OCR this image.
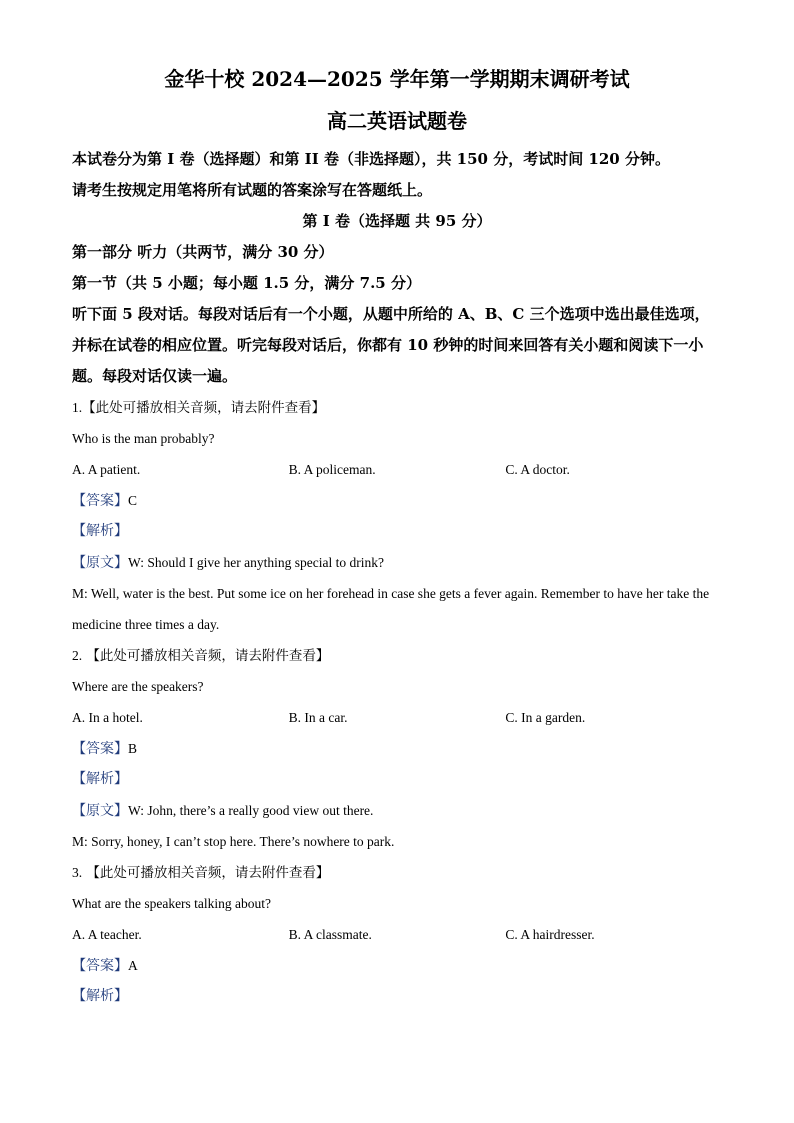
金华十校 2024—2025 学年第一学期期末调研考试
高二英语试题卷
本试卷分为第 I 卷（选择题）和第 II 卷（非选择题），共 150 分，考试时间 120 分钟。
请考生按规定用笔将所有试题的答案涂写在答题纸上。
第 I 卷（选择题 共 95 分）
第一部分 听力（共两节，满分 30 分）
第一节（共 5 小题；每小题 1.5 分，满分 7.5 分）
听下面 5 段对话。每段对话后有一个小题，从题中所给的 A、B、C 三个选项中选出最佳选项，并标在试卷的相应位置。听完每段对话后，你都有 10 秒钟的时间来回答有关小题和阅读下一小题。每段对话仅读一遍。
1.【此处可播放相关音频，请去附件查看】
Who is the man probably?
A. A patient.	B. A policeman.	C. A doctor.
【答案】C
【解析】
【原文】W: Should I give her anything special to drink?
M: Well, water is the best. Put some ice on her forehead in case she gets a fever again. Remember to have her take the medicine three times a day.
2. 【此处可播放相关音频，请去附件查看】
Where are the speakers?
A. In a hotel.	B. In a car.	C. In a garden.
【答案】B
【解析】
【原文】W: John, there’s a really good view out there.
M: Sorry, honey, I can’t stop here. There’s nowhere to park.
3. 【此处可播放相关音频，请去附件查看】
What are the speakers talking about?
A. A teacher.	B. A classmate.	C. A hairdresser.
【答案】A
【解析】
